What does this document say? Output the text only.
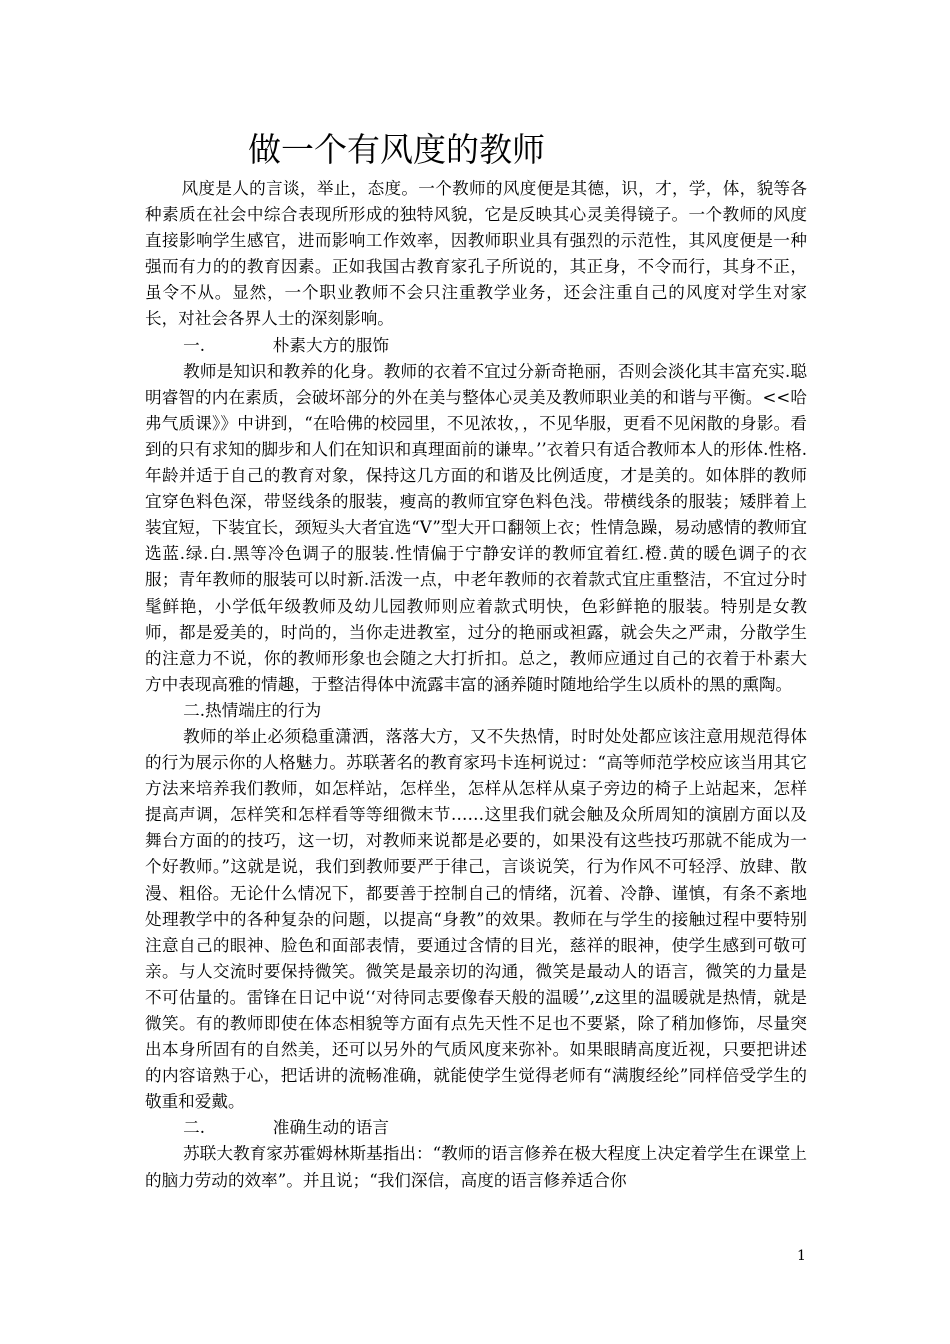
做一个有风度的教师

风度是人的言谈，举止，态度。一个教师的风度便是其德，识，才，学，体，貌等各种素质在社会中综合表现所形成的独特风貌，它是反映其心灵美得镜子。一个教师的风度直接影响学生感官，进而影响工作效率，因教师职业具有强烈的示范性，其风度便是一种强而有力的的教育因素。正如我国古教育家孔子所说的，其正身，不令而行，其身不正，虽令不从。显然，一个职业教师不会只注重教学业务，还会注重自己的风度对学生对家长，对社会各界人士的深刻影响。

一.	朴素大方的服饰

教师是知识和教养的化身。教师的衣着不宜过分新奇艳丽，否则会淡化其丰富充实.聪明睿智的内在素质，会破坏部分的外在美与整体心灵美及教师职业美的和谐与平衡。<<哈弗气质课》》中讲到，“在哈佛的校园里，不见浓妆，，不见华服，更看不见闲散的身影。看到的只有求知的脚步和人们在知识和真理面前的谦卑。’’衣着只有适合教师本人的形体.性格.年龄并适于自己的教育对象，保持这几方面的和谐及比例适度，才是美的。如体胖的教师宜穿色料色深，带竖线条的服装，瘦高的教师宜穿色料色浅。带横线条的服装；矮胖着上装宜短，下装宜长，颈短头大者宜选“V”型大开口翻领上衣；性情急躁，易动感情的教师宜选蓝.绿.白.黑等冷色调子的服装.性情偏于宁静安详的教师宜着红.橙.黄的暖色调子的衣服；青年教师的服装可以时新.活泼一点，中老年教师的衣着款式宜庄重整洁，不宜过分时髦鲜艳，小学低年级教师及幼儿园教师则应着款式明快，色彩鲜艳的服装。特别是女教师，都是爱美的，时尚的，当你走进教室，过分的艳丽或袒露，就会失之严肃，分散学生的注意力不说，你的教师形象也会随之大打折扣。总之，教师应通过自己的衣着于朴素大方中表现高雅的情趣，于整洁得体中流露丰富的涵养随时随地给学生以质朴的黑的熏陶。

二.热情端庄的行为

教师的举止必须稳重潇洒，落落大方，又不失热情，时时处处都应该注意用规范得体的行为展示你的人格魅力。苏联著名的教育家玛卡连柯说过：“高等师范学校应该当用其它方法来培养我们教师，如怎样站，怎样坐，怎样从怎样从桌子旁边的椅子上站起来，怎样提高声调，怎样笑和怎样看等等细微末节……这里我们就会触及众所周知的演剧方面以及舞台方面的的技巧，这一切，对教师来说都是必要的，如果没有这些技巧那就不能成为一个好教师。”这就是说，我们到教师要严于律己，言谈说笑，行为作风不可轻浮、放肆、散漫、粗俗。无论什么情况下，都要善于控制自己的情绪，沉着、冷静、谨慎，有条不紊地处理教学中的各种复杂的问题，以提高“身教”的效果。教师在与学生的接触过程中要特别注意自己的眼神、脸色和面部表情，要通过含情的目光，慈祥的眼神，使学生感到可敬可亲。与人交流时要保持微笑。微笑是最亲切的沟通，微笑是最动人的语言，微笑的力量是不可估量的。雷锋在日记中说‘‘对待同志要像春天般的温暖’’,z这里的温暖就是热情，就是微笑。有的教师即使在体态相貌等方面有点先天性不足也不要紧，除了稍加修饰，尽量突出本身所固有的自然美，还可以另外的气质风度来弥补。如果眼睛高度近视，只要把讲述的内容谙熟于心，把话讲的流畅准确，就能使学生觉得老师有“满腹经纶”同样倍受学生的敬重和爱戴。

二.	准确生动的语言

苏联大教育家苏霍姆林斯基指出：“教师的语言修养在极大程度上决定着学生在课堂上的脑力劳动的效率”。并且说；“我们深信，高度的语言修养适合你

1
